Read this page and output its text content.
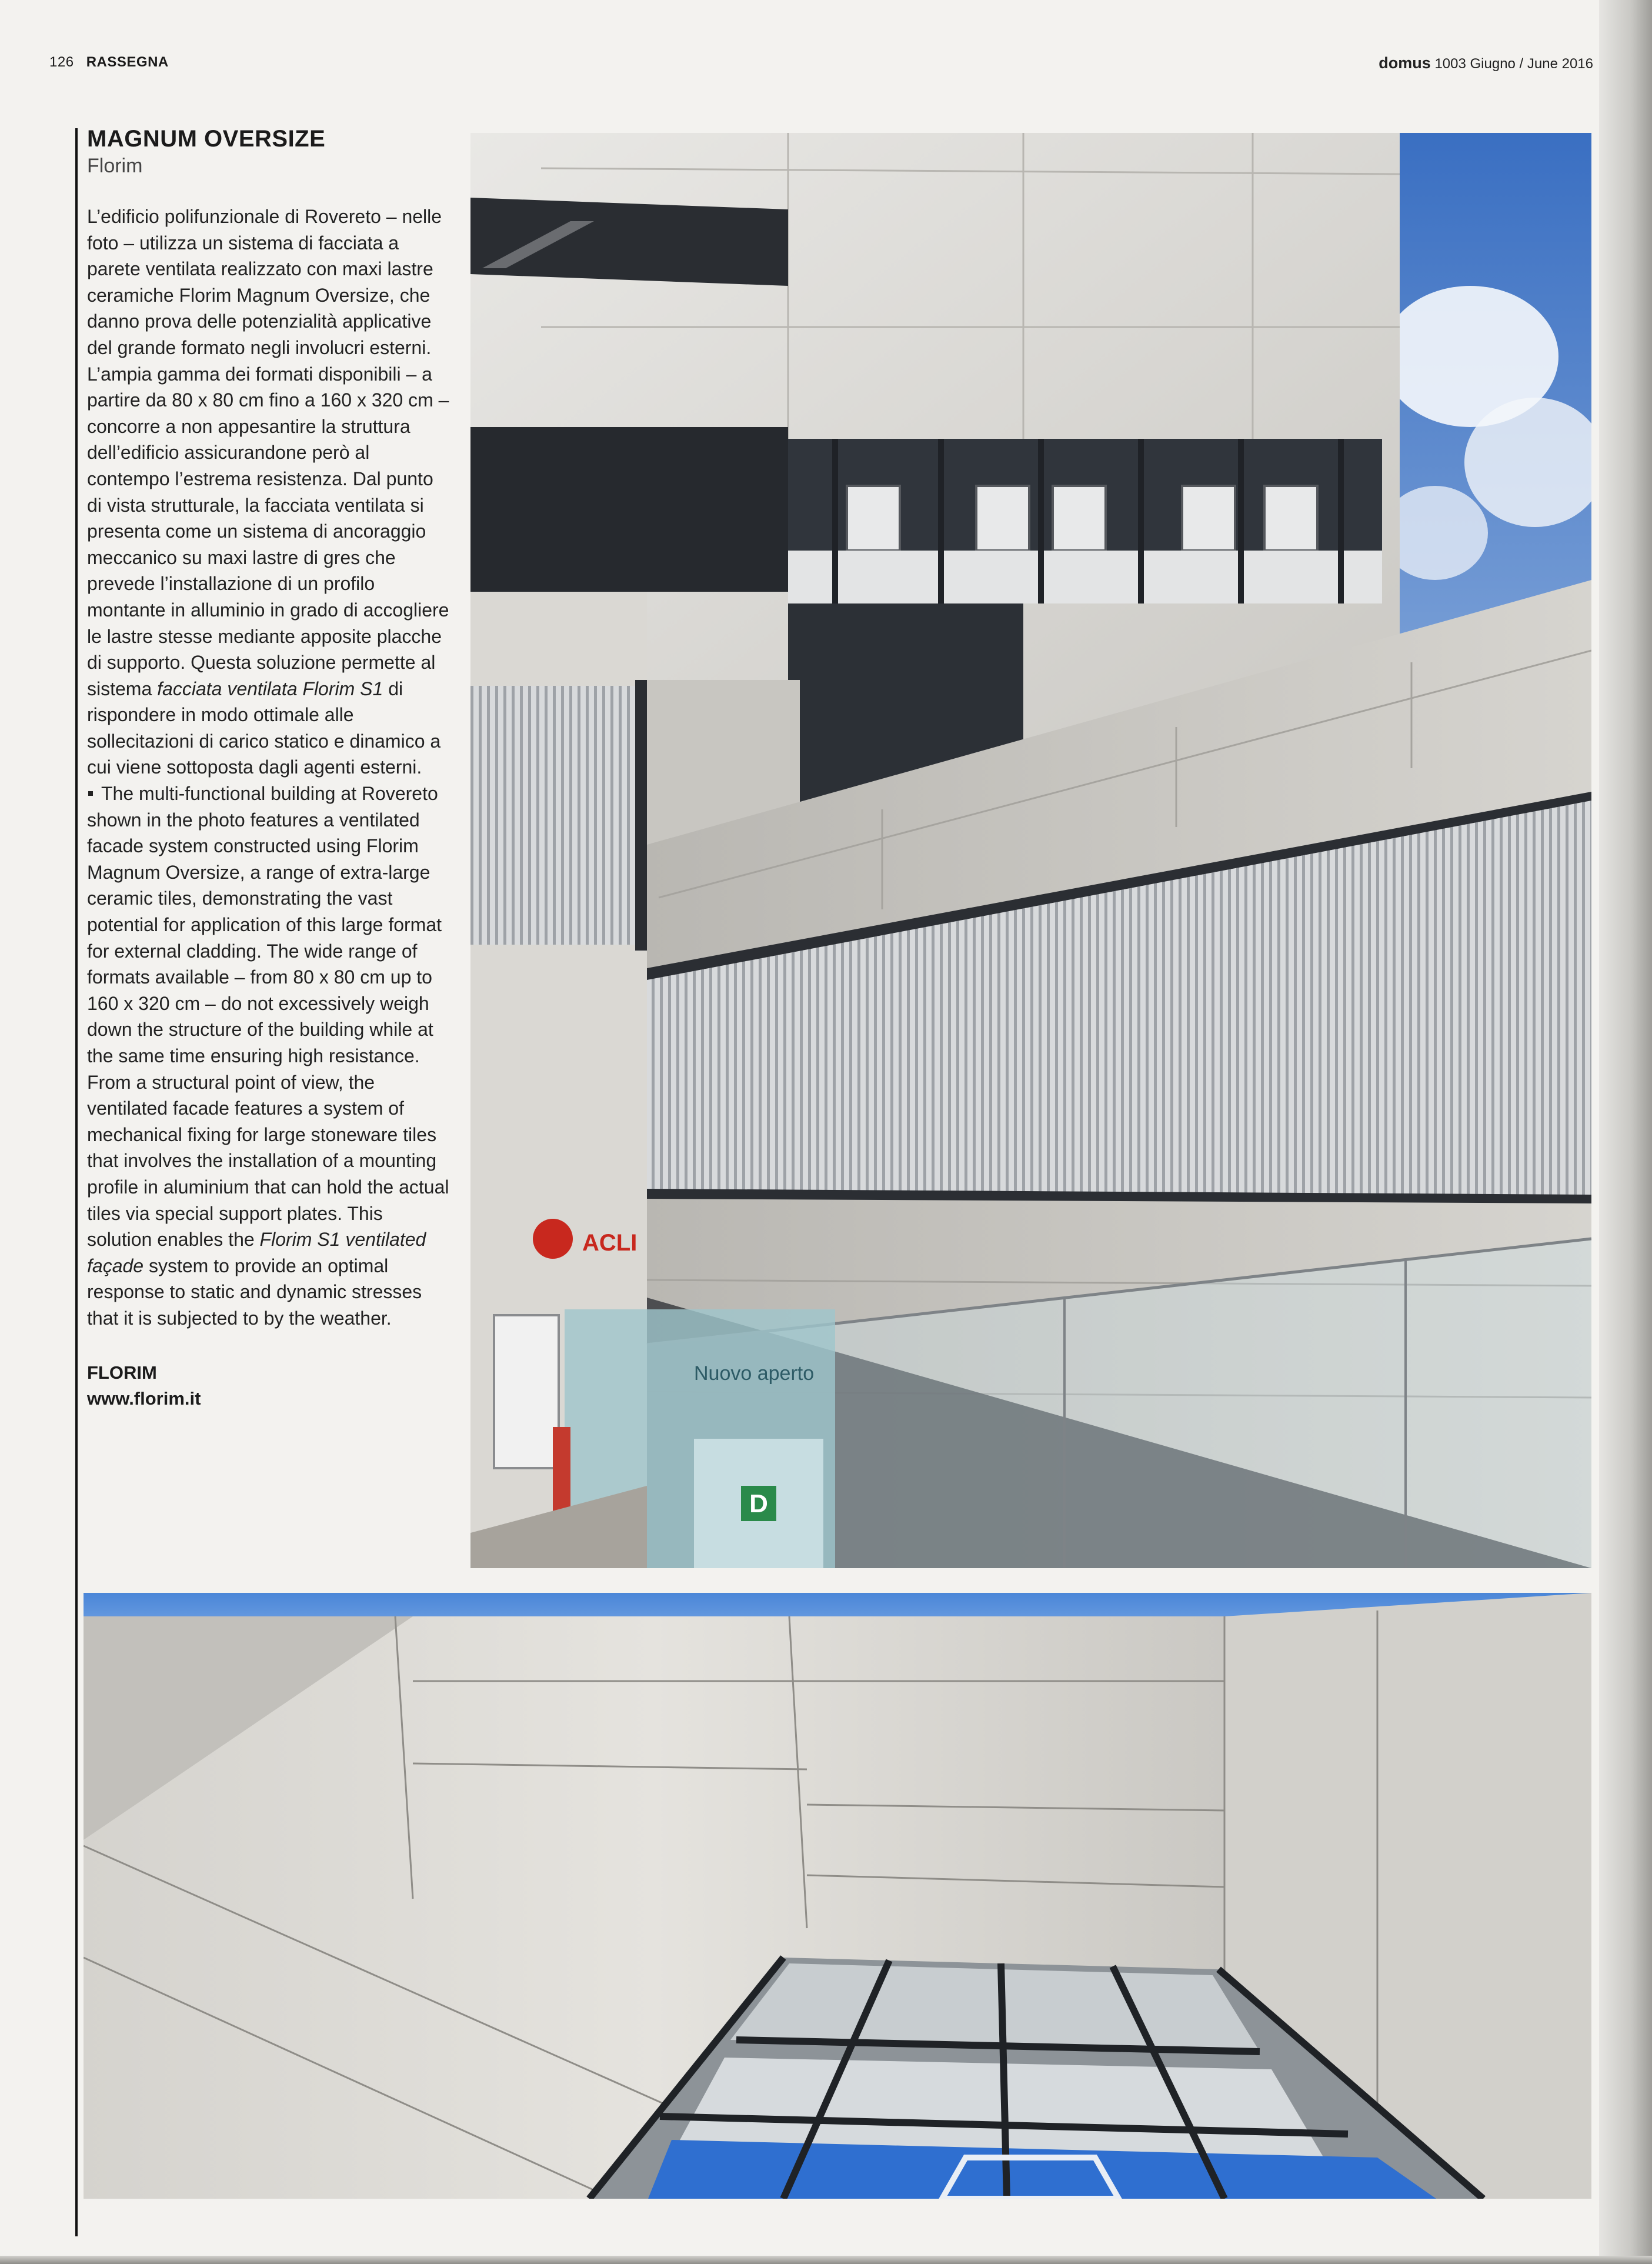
126 RASSEGNA	domus 1003 Giugno / June 2016
MAGNUM OVERSIZE

Florim

L’edificio polifunzionale di Rovereto – nelle foto – utilizza un sistema di facciata a parete ventilata realizzato con maxi lastre ceramiche Florim Magnum Oversize, che danno prova delle potenzialità applicative del grande formato negli involucri esterni. L’ampia gamma dei formati disponibili – a partire da 80 x 80 cm fino a 160 x 320 cm – concorre a non appesantire la struttura dell’edificio assicurandone però al contempo l’estrema resistenza. Dal punto di vista strutturale, la facciata ventilata si presenta come un sistema di ancoraggio meccanico su maxi lastre di gres che prevede l’installazione di un profilo montante in alluminio in grado di accogliere le lastre stesse mediante apposite placche di supporto. Questa soluzione permette al sistema facciata ventilata Florim S1 di rispondere in modo ottimale alle sollecitazioni di carico statico e dinamico a cui viene sottoposta dagli agenti esterni.

The multi-functional building at Rovereto shown in the photo features a ventilated facade system constructed using Florim Magnum Oversize, a range of extra-large ceramic tiles, demonstrating the vast potential for application of this large format for external cladding. The wide range of formats available – from 80 x 80 cm up to 160 x 320 cm – do not excessively weigh down the structure of the building while at the same time ensuring high resistance. From a structural point of view, the ventilated facade features a system of mechanical fixing for large stoneware tiles that involves the installation of a mounting profile in aluminium that can hold the actual tiles via special support plates. This solution enables the Florim S1 ventilated façade system to provide an optimal response to static and dynamic stresses that it is subjected to by the weather.

FLORIM
www.florim.it
D
Nuovo aperto
ACLI
